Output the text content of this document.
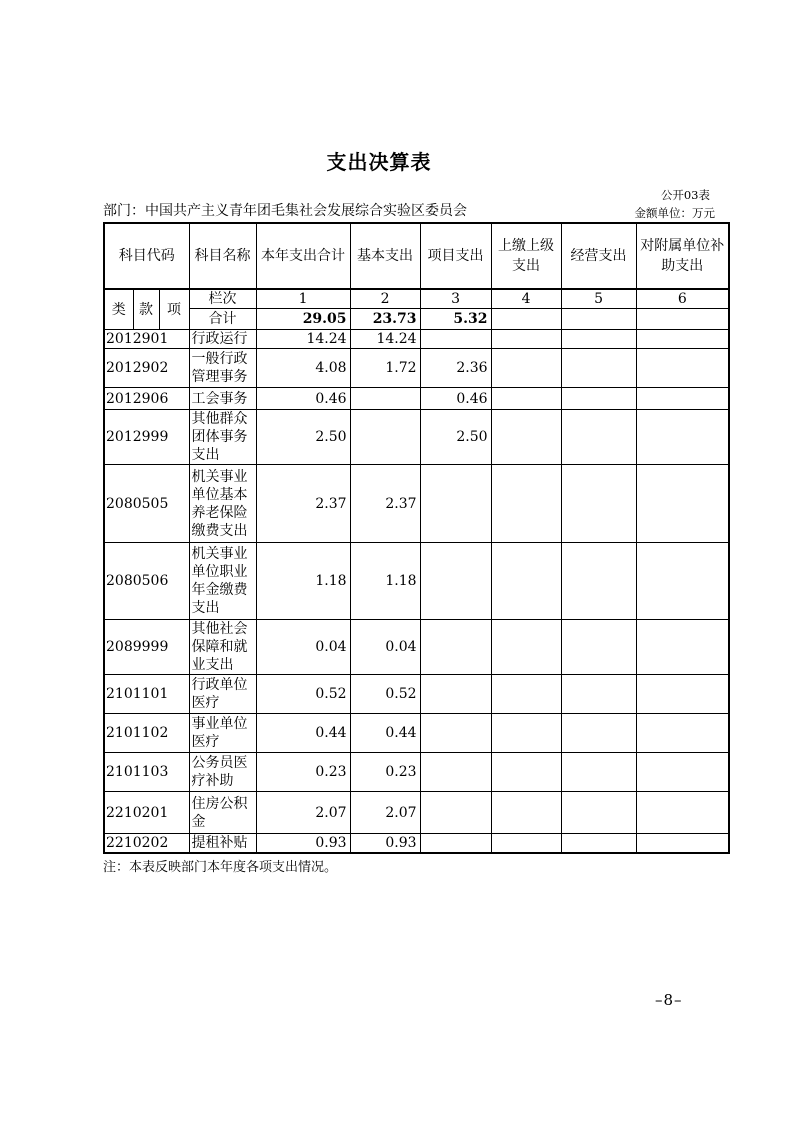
支出决算表
公开03表
部门：中国共产主义青年团毛集社会发展综合实验区委员会	金额单位：万元
科目代码			科目名称	本年支出合计	基本支出	项目支出	上缴上级支出	经营支出	对附属单位补助支出
类	款	项	栏次	1	2	3	4	5	6
			合计	29.05	23.73	5.32			
2012901			行政运行	14.24	14.24				
2012902			一般行政管理事务	4.08	1.72	2.36			
2012906			工会事务	0.46		0.46			
2012999			其他群众团体事务支出	2.50		2.50			
2080505			机关事业单位基本养老保险缴费支出	2.37	2.37				
2080506			机关事业单位职业年金缴费支出	1.18	1.18				
2089999			其他社会保障和就业支出	0.04	0.04				
2101101			行政单位医疗	0.52	0.52				
2101102			事业单位医疗	0.44	0.44				
2101103			公务员医疗补助	0.23	0.23				
2210201			住房公积金	2.07	2.07				
2210202			提租补贴	0.93	0.93				
注：本表反映部门本年度各项支出情况。
–8–
